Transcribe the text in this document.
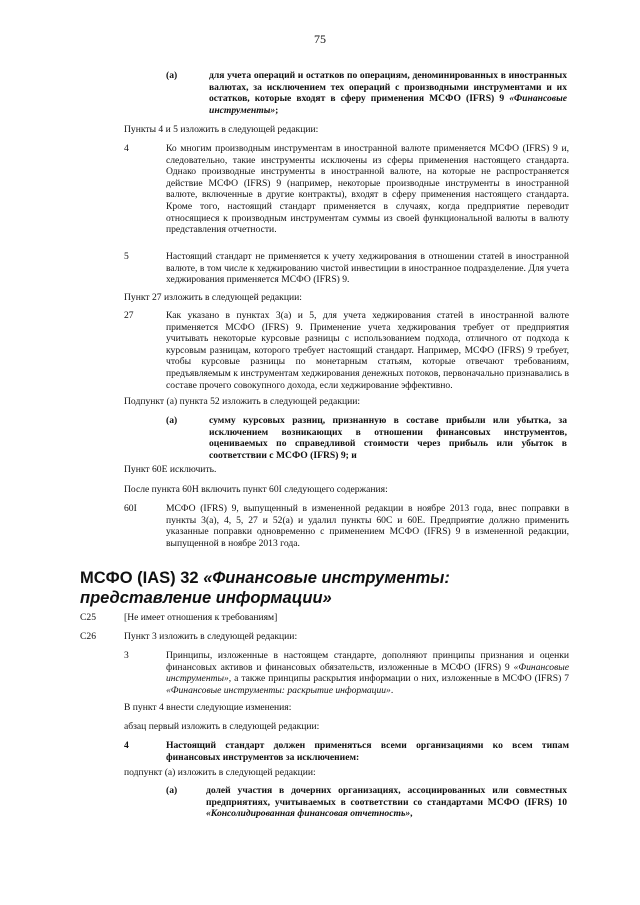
75
(a)	для учета операций и остатков по операциям, деноминированных в иностранных валютах, за исключением тех операций с производными инструментами и их остатков, которые входят в сферу применения МСФО (IFRS) 9 «Финансовые инструменты»;
Пункты 4 и 5 изложить в следующей редакции:
4	Ко многим производным инструментам в иностранной валюте применяется МСФО (IFRS) 9 и, следовательно, такие инструменты исключены из сферы применения настоящего стандарта. Однако производные инструменты в иностранной валюте, на которые не распространяется действие МСФО (IFRS) 9 (например, некоторые производные инструменты в иностранной валюте, включенные в другие контракты), входят в сферу применения настоящего стандарта. Кроме того, настоящий стандарт применяется в случаях, когда предприятие переводит относящиеся к производным инструментам суммы из своей функциональной валюты в валюту представления отчетности.
5	Настоящий стандарт не применяется к учету хеджирования в отношении статей в иностранной валюте, в том числе к хеджированию чистой инвестиции в иностранное подразделение. Для учета хеджирования применяется МСФО (IFRS) 9.
Пункт 27 изложить в следующей редакции:
27	Как указано в пунктах 3(a) и 5, для учета хеджирования статей в иностранной валюте применяется МСФО (IFRS) 9. Применение учета хеджирования требует от предприятия учитывать некоторые курсовые разницы с использованием подхода, отличного от подхода к курсовым разницам, которого требует настоящий стандарт. Например, МСФО (IFRS) 9 требует, чтобы курсовые разницы по монетарным статьям, которые отвечают требованиям, предъявляемым к инструментам хеджирования денежных потоков, первоначально признавались в составе прочего совокупного дохода, если хеджирование эффективно.
Подпункт (a) пункта 52 изложить в следующей редакции:
(a)	сумму курсовых разниц, признанную в составе прибыли или убытка, за исключением возникающих в отношении финансовых инструментов, оцениваемых по справедливой стоимости через прибыль или убыток в соответствии с МСФО (IFRS) 9; и
Пункт 60E исключить.
После пункта 60H включить пункт 60I следующего содержания:
60I	МСФО (IFRS) 9, выпущенный в измененной редакции в ноябре 2013 года, внес поправки в пункты 3(a), 4, 5, 27 и 52(a) и удалил пункты 60C и 60E. Предприятие должно применить указанные поправки одновременно с применением МСФО (IFRS) 9 в измененной редакции, выпущенной в ноябре 2013 года.
МСФО (IAS) 32 «Финансовые инструменты: представление информации»
C25	[Не имеет отношения к требованиям]
C26	Пункт 3 изложить в следующей редакции:
3	Принципы, изложенные в настоящем стандарте, дополняют принципы признания и оценки финансовых активов и финансовых обязательств, изложенные в МСФО (IFRS) 9 «Финансовые инструменты», а также принципы раскрытия информации о них, изложенные в МСФО (IFRS) 7 «Финансовые инструменты: раскрытие информации».
В пункт 4 внести следующие изменения:
абзац первый изложить в следующей редакции:
4	Настоящий стандарт должен применяться всеми организациями ко всем типам финансовых инструментов за исключением:
подпункт (a) изложить в следующей редакции:
(a)	долей участия в дочерних организациях, ассоциированных или совместных предприятиях, учитываемых в соответствии со стандартами МСФО (IFRS) 10 «Консолидированная финансовая отчетность»,
